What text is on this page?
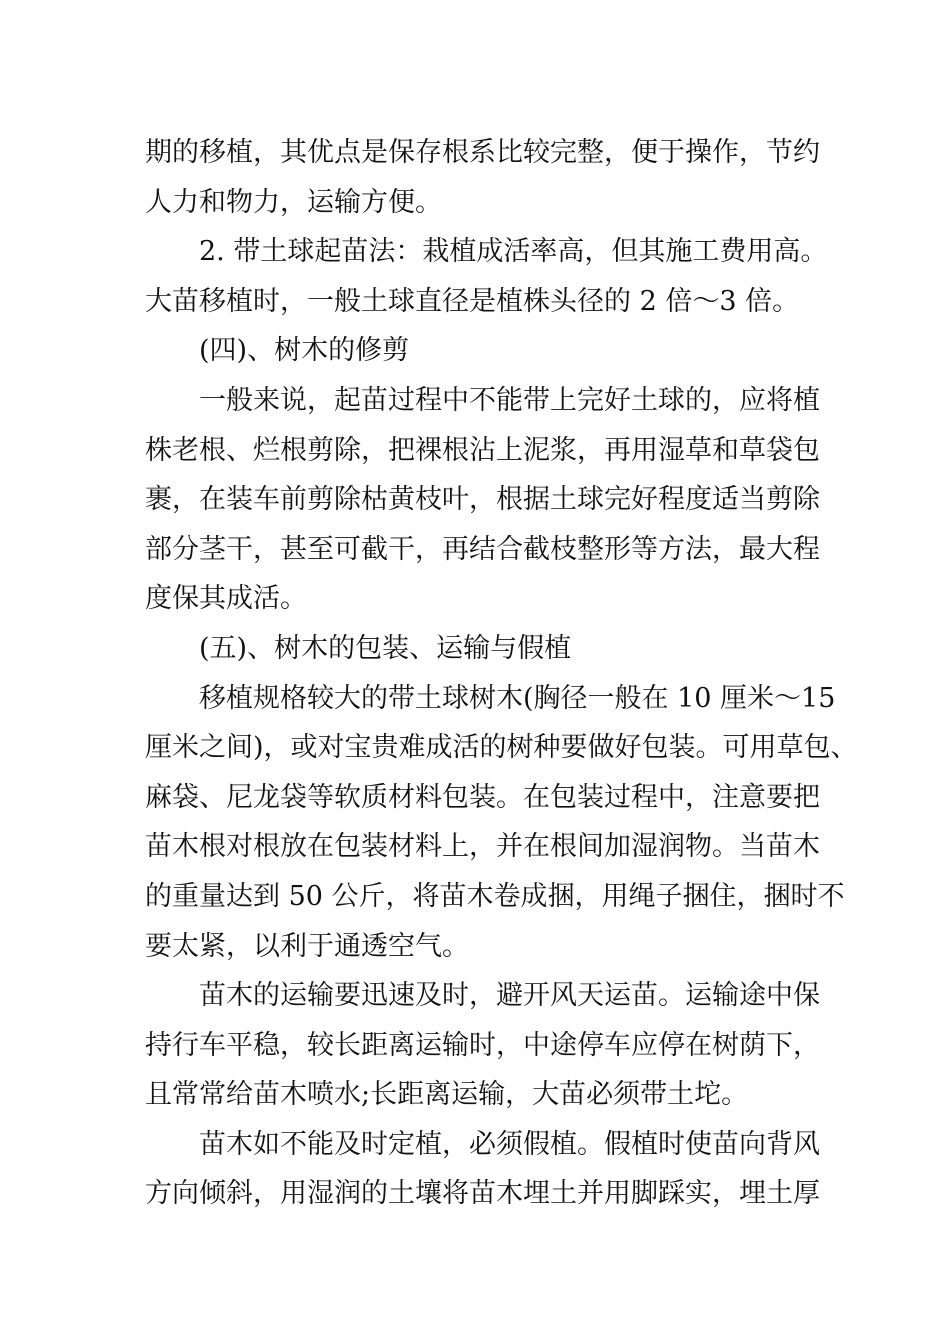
期的移植，其优点是保存根系比较完整，便于操作，节约
人力和物力，运输方便。
2. 带土球起苗法：栽植成活率高，但其施工费用高。
大苗移植时，一般土球直径是植株头径的 2 倍～3 倍。
(四)、树木的修剪
一般来说，起苗过程中不能带上完好土球的，应将植
株老根、烂根剪除，把裸根沾上泥浆，再用湿草和草袋包
裹，在装车前剪除枯黄枝叶，根据土球完好程度适当剪除
部分茎干，甚至可截干，再结合截枝整形等方法，最大程
度保其成活。
(五)、树木的包装、运输与假植
移植规格较大的带土球树木(胸径一般在 10 厘米～15
厘米之间)，或对宝贵难成活的树种要做好包装。可用草包、
麻袋、尼龙袋等软质材料包装。在包装过程中，注意要把
苗木根对根放在包装材料上，并在根间加湿润物。当苗木
的重量达到 50 公斤，将苗木卷成捆，用绳子捆住，捆时不
要太紧，以利于通透空气。
苗木的运输要迅速及时，避开风天运苗。运输途中保
持行车平稳，较长距离运输时，中途停车应停在树荫下，
且常常给苗木喷水;长距离运输，大苗必须带土坨。
苗木如不能及时定植，必须假植。假植时使苗向背风
方向倾斜，用湿润的土壤将苗木埋土并用脚踩实，埋土厚
